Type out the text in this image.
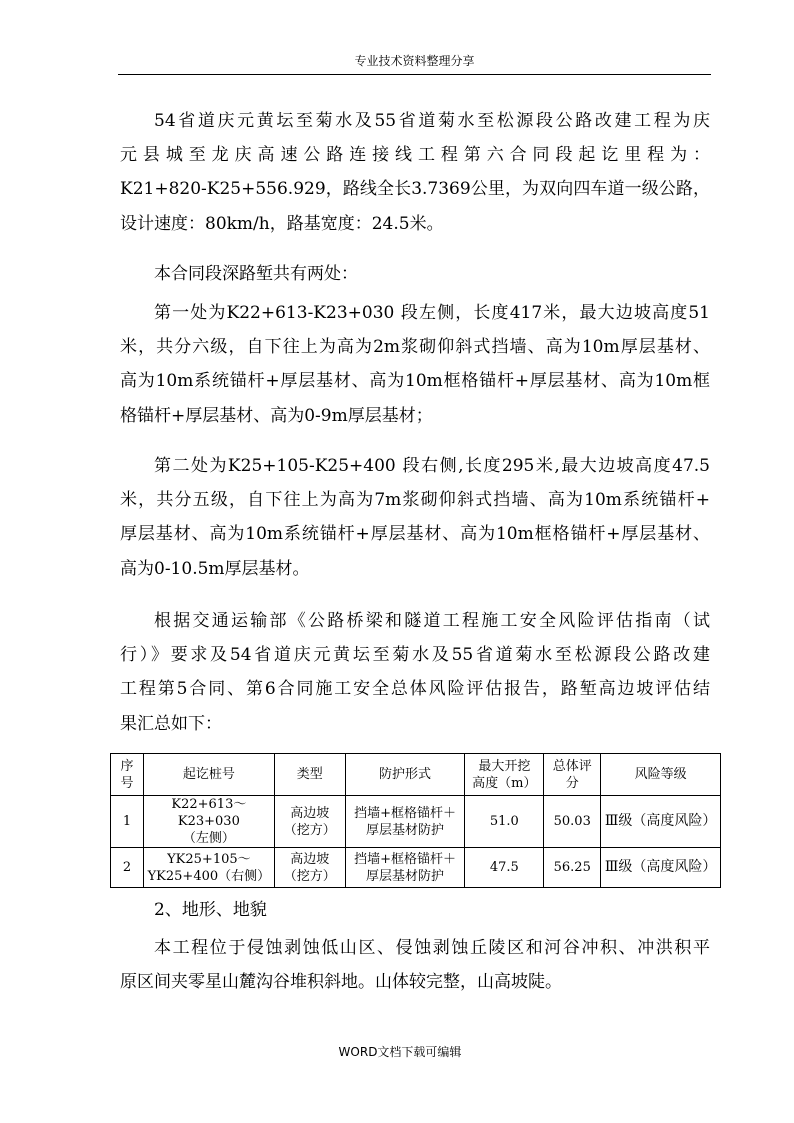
专业技术资料整理分享
54省道庆元黄坛至菊水及55省道菊水至松源段公路改建工程为庆
元县城至龙庆高速公路连接线工程第六合同段起讫里程为：
K21+820-K25+556.929，路线全长3.7369公里，为双向四车道一级公路，
设计速度：80km/h，路基宽度：24.5米。
本合同段深路堑共有两处：
第一处为K22+613-K23+030 段左侧，长度417米，最大边坡高度51
米，共分六级，自下往上为高为2m浆砌仰斜式挡墙、高为10m厚层基材、
高为10m系统锚杆+厚层基材、高为10m框格锚杆+厚层基材、高为10m框
格锚杆+厚层基材、高为0-9m厚层基材；
第二处为K25+105-K25+400 段右侧,长度295米,最大边坡高度47.5
米，共分五级，自下往上为高为7m浆砌仰斜式挡墙、高为10m系统锚杆+
厚层基材、高为10m系统锚杆+厚层基材、高为10m框格锚杆+厚层基材、
高为0-10.5m厚层基材。
根据交通运输部《公路桥梁和隧道工程施工安全风险评估指南（试
行）》要求及54省道庆元黄坛至菊水及55省道菊水至松源段公路改建
工程第5合同、第6合同施工安全总体风险评估报告，路堑高边坡评估结
果汇总如下：
序
号	起讫桩号	类型	防护形式	最大开挖
高度（m）	总体评
分	风险等级
1	K22+613～K23+030
（左侧）	高边坡
（挖方）	挡墙+框格锚杆＋
厚层基材防护	51.0	50.03	Ⅲ级（高度风险）
2	YK25+105～
YK25+400（右侧）	高边坡
（挖方）	挡墙+框格锚杆＋
厚层基材防护	47.5	56.25	Ⅲ级（高度风险）
2、地形、地貌
本工程位于侵蚀剥蚀低山区、侵蚀剥蚀丘陵区和河谷冲积、冲洪积平
原区间夹零星山麓沟谷堆积斜地。山体较完整，山高坡陡。
WORD文档下载可编辑
